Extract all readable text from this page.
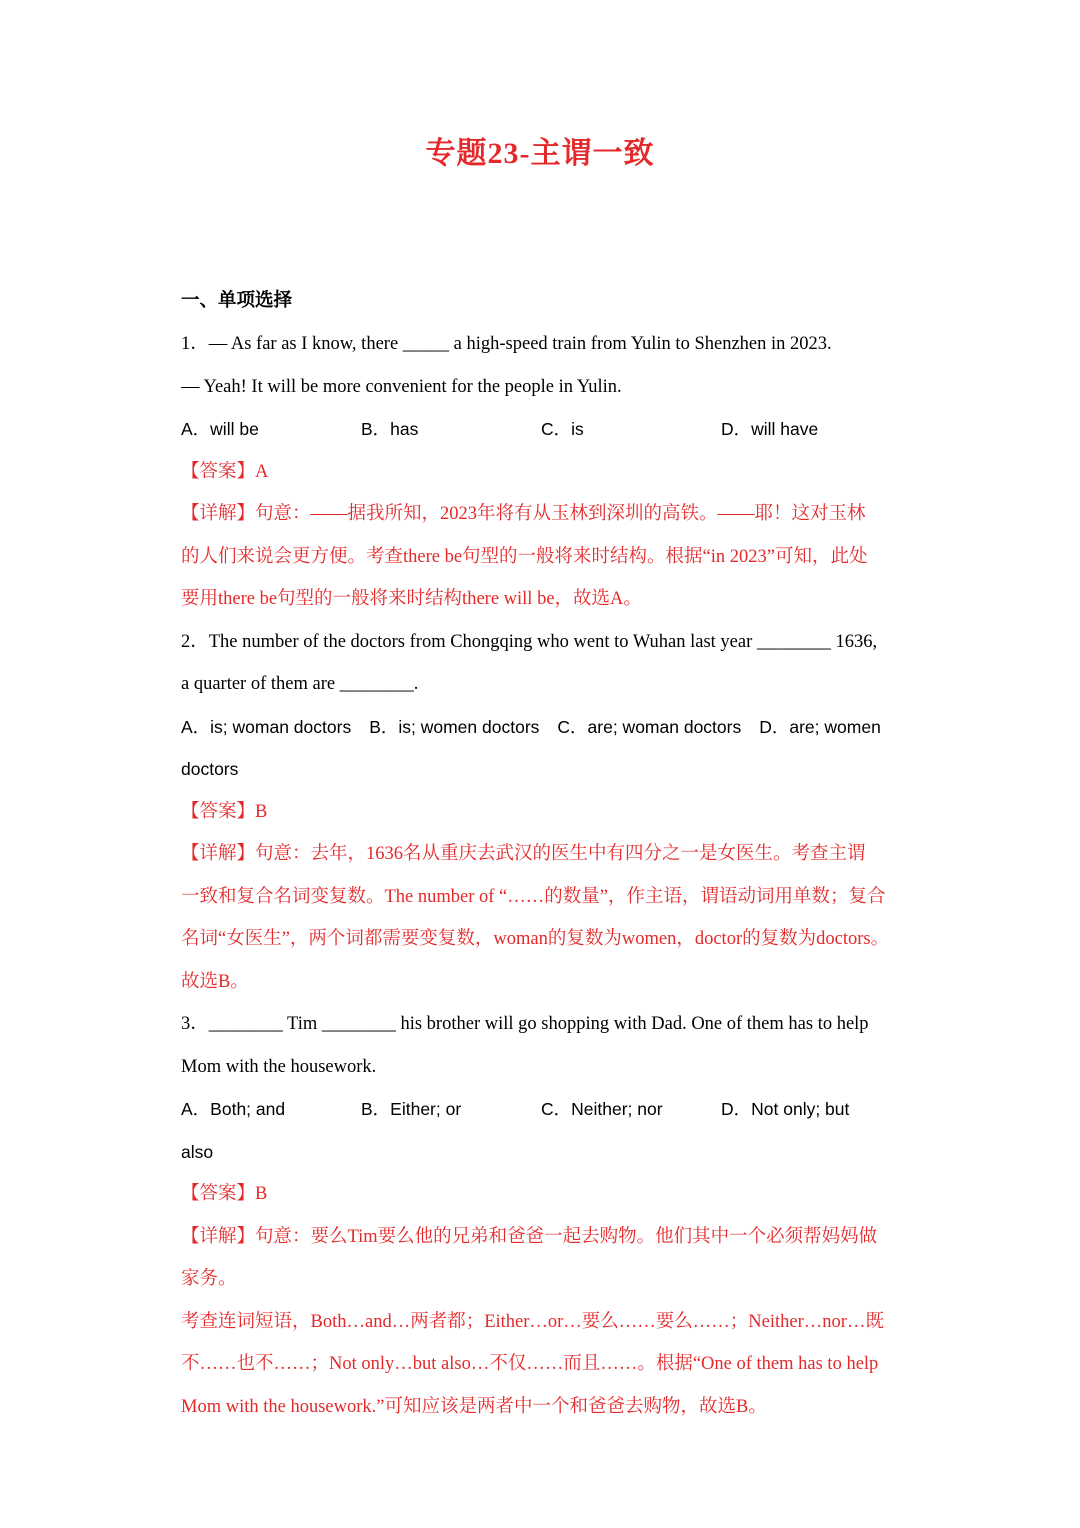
专题23-主谓一致
一、单项选择
1．— As far as I know, there _____ a high-speed train from Yulin to Shenzhen in 2023.
— Yeah! It will be more convenient for the people in Yulin.
A．will be	B．has	C．is	D．will have
【答案】A
【详解】句意：——据我所知，2023年将有从玉林到深圳的高铁。——耶！这对玉林
的人们来说会更方便。考查there be句型的一般将来时结构。根据“in 2023”可知，此处
要用there be句型的一般将来时结构there will be，故选A。
2．The number of the doctors from Chongqing who went to Wuhan last year ________ 1636,
a quarter of them are ________.
A．is; woman doctors B．is; women doctors C．are; woman doctors D．are; women
doctors
【答案】B
【详解】句意：去年，1636名从重庆去武汉的医生中有四分之一是女医生。考查主谓
一致和复合名词变复数。The number of “……的数量”，作主语，谓语动词用单数；复合
名词“女医生”，两个词都需要变复数，woman的复数为women，doctor的复数为doctors。
故选B。
3．________ Tim ________ his brother will go shopping with Dad. One of them has to help
Mom with the housework.
A．Both; and	B．Either; or	C．Neither; nor	D．Not only; but
also
【答案】B
【详解】句意：要么Tim要么他的兄弟和爸爸一起去购物。他们其中一个必须帮妈妈做
家务。
考查连词短语，Both…and…两者都；Either…or…要么……要么……；Neither…nor…既
不……也不……；Not only…but also…不仅……而且……。根据“One of them has to help
Mom with the housework.”可知应该是两者中一个和爸爸去购物，故选B。
